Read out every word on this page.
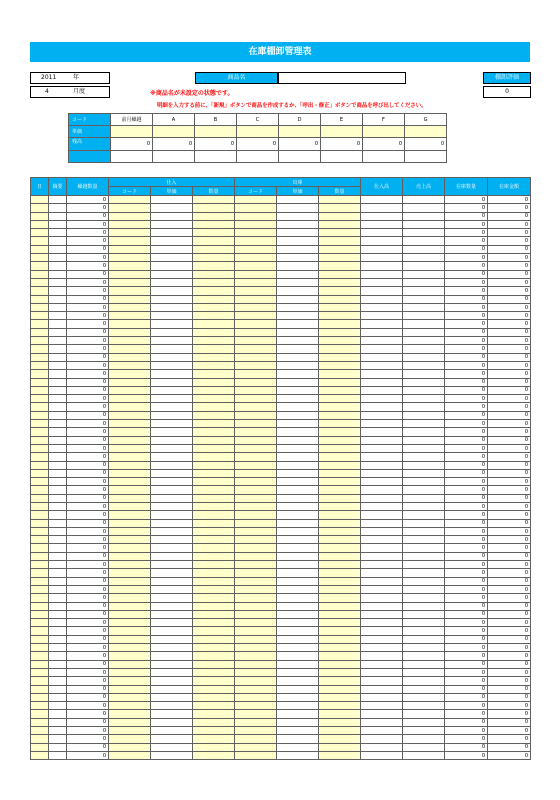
在庫棚卸管理表
2011	年
4	月度
商品名	棚卸評価
0
※商品名が未設定の状態です。
明細を入力する前に、「新規」ボタンで商品を作成するか、「呼出・修正」ボタンで商品を呼び出してください。
コード	前月繰越	A	B	C	D	E	F	G
単価								
残高	0	0	0	0	0	0	0	0

日	摘要	繰越数量	仕入			出庫			仕入高	売上高	在庫数量	在庫金額
			コード	単価	数量	コード	単価	数量				
		0									0	0
		0									0	0
		0									0	0
		0									0	0
		0									0	0
		0									0	0
		0									0	0
		0									0	0
		0									0	0
		0									0	0
		0									0	0
		0									0	0
		0									0	0
		0									0	0
		0									0	0
		0									0	0
		0									0	0
		0									0	0
		0									0	0
		0									0	0
		0									0	0
		0									0	0
		0									0	0
		0									0	0
		0									0	0
		0									0	0
		0									0	0
		0									0	0
		0									0	0
		0									0	0
		0									0	0
		0									0	0
		0									0	0
		0									0	0
		0									0	0
		0									0	0
		0									0	0
		0									0	0
		0									0	0
		0									0	0
		0									0	0
		0									0	0
		0									0	0
		0									0	0
		0									0	0
		0									0	0
		0									0	0
		0									0	0
		0									0	0
		0									0	0
		0									0	0
		0									0	0
		0									0	0
		0									0	0
		0									0	0
		0									0	0
		0									0	0
		0									0	0
		0									0	0
		0									0	0
		0									0	0
		0									0	0
		0									0	0
		0									0	0
		0									0	0
		0									0	0
		0									0	0
		0									0	0
